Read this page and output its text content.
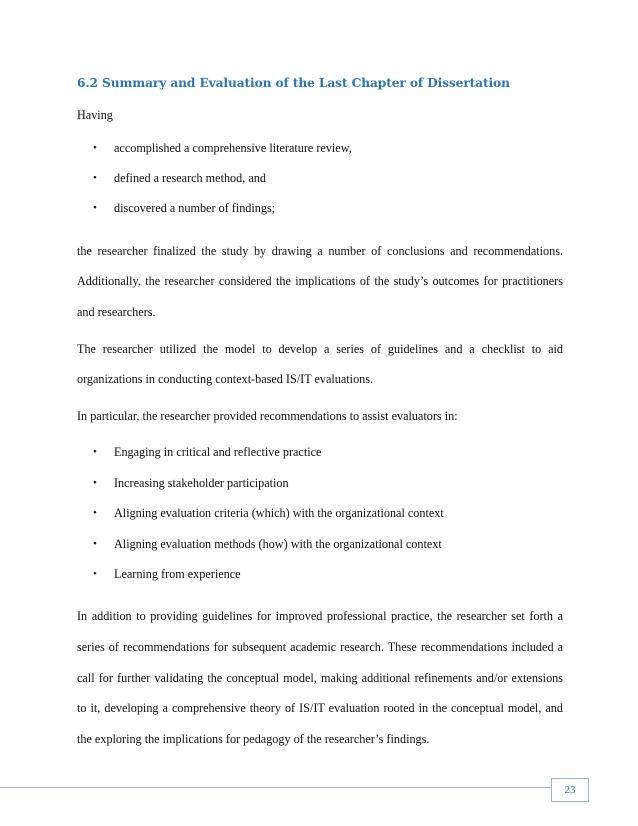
6.2 Summary and Evaluation of the Last Chapter of Dissertation

Having

• accomplished a comprehensive literature review,
• defined a research method, and
• discovered a number of findings;

the researcher finalized the study by drawing a number of conclusions and recommendations. Additionally, the researcher considered the implications of the study’s outcomes for practitioners and researchers.

The researcher utilized the model to develop a series of guidelines and a checklist to aid organizations in conducting context-based IS/IT evaluations.

In particular, the researcher provided recommendations to assist evaluators in:

• Engaging in critical and reflective practice
• Increasing stakeholder participation
• Aligning evaluation criteria (which) with the organizational context
• Aligning evaluation methods (how) with the organizational context
• Learning from experience

In addition to providing guidelines for improved professional practice, the researcher set forth a series of recommendations for subsequent academic research. These recommendations included a call for further validating the conceptual model, making additional refinements and/or extensions to it, developing a comprehensive theory of IS/IT evaluation rooted in the conceptual model, and the exploring the implications for pedagogy of the researcher’s findings.

23
